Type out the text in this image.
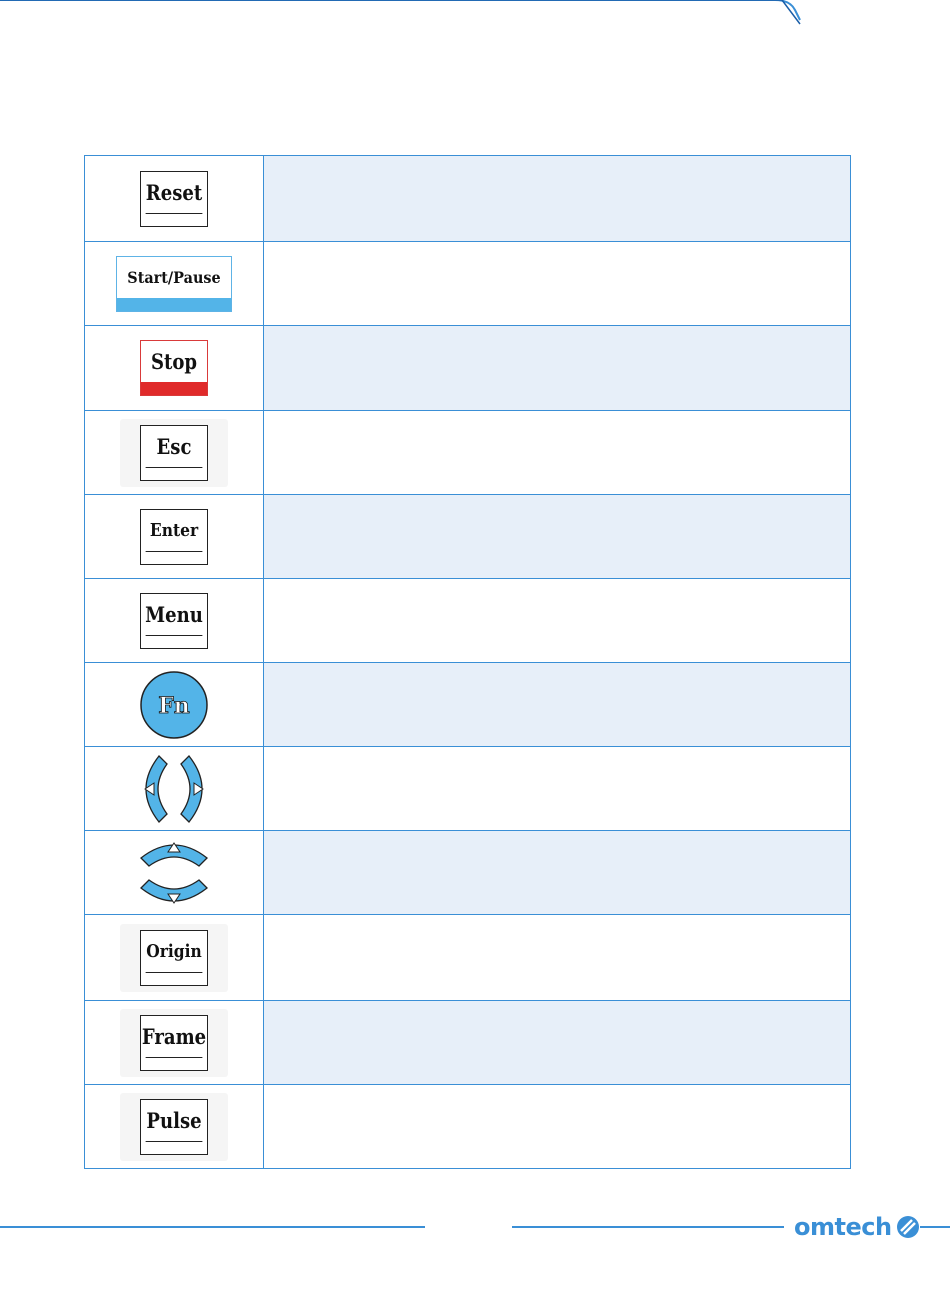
Reset	

Start/Pause	

Stop	

Esc	

Enter	

Menu	

Fn	

Origin	

Frame	

Pulse	

omtech
